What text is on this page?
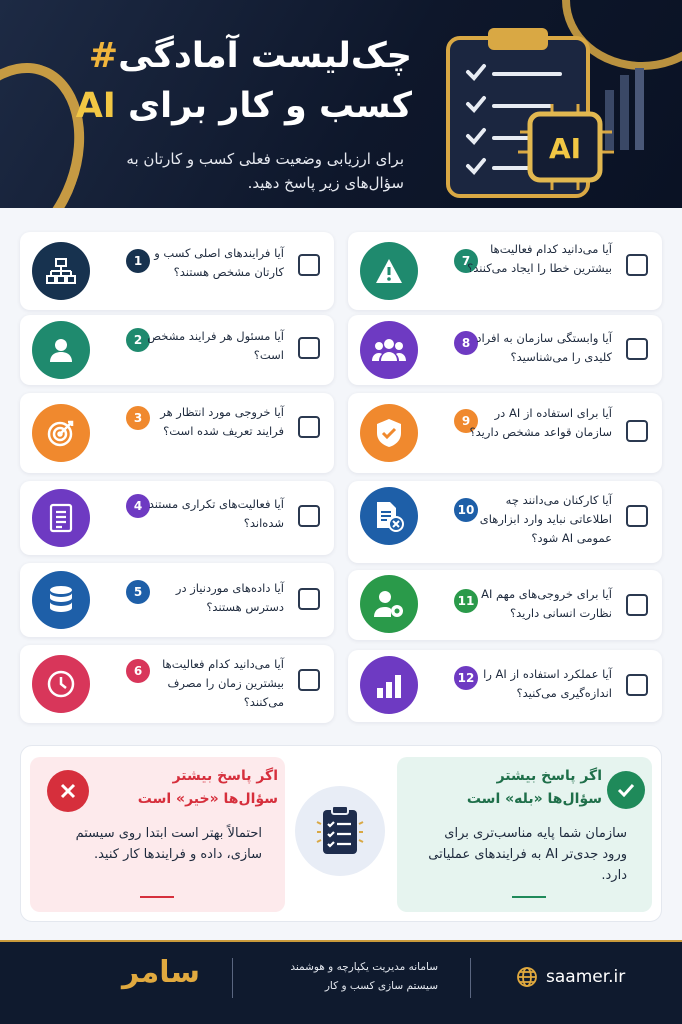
چک‌لیست آمادگی#
کسب و کار برای AI
برای ارزیابی وضعیت فعلی کسب و کارتان به سؤال‌های زیر پاسخ دهید.
AI
1
آیا فرایندهای اصلی کسب و کارتان مشخص هستند؟
2 آیا مسئول هر فرایند مشخص است؟
3	آیا خروجی مورد انتظار هر فرایند تعریف شده است؟
4 آیا فعالیت‌های تکراری مستند شده‌اند؟
5	آیا داده‌های موردنیاز در دسترس هستند؟
6	آیا می‌دانید کدام فعالیت‌ها بیشترین زمان را مصرف می‌کنند؟
7
آیا می‌دانید کدام فعالیت‌ها بیشترین خطا را ایجاد می‌کنند؟
8 آیا وابستگی سازمان به افراد کلیدی را می‌شناسید؟
9
آیا برای استفاده از AI در سازمان قواعد مشخص دارید؟
10
آیا کارکنان می‌دانند چه اطلاعاتی نباید وارد ابزارهای عمومی AI شود؟
11 آیا برای خروجی‌های مهم AI نظارت انسانی دارید؟
12 آیا عملکرد استفاده از AI را اندازه‌گیری می‌کنید؟
اگر پاسخ بیشتر سؤال‌ها «خیر» است
احتمالاً بهتر است ابتدا روی سیستم سازی، داده و فرایندها کار کنید.
اگر پاسخ بیشتر سؤال‌ها «بله» است
سازمان شما پایه مناسب‌تری برای ورود جدی‌تر AI به فرایندهای عملیاتی دارد.
سامر	سامانه مدیریت یکپارچه و هوشمند سیستم سازی کسب و کار	saamer.ir
